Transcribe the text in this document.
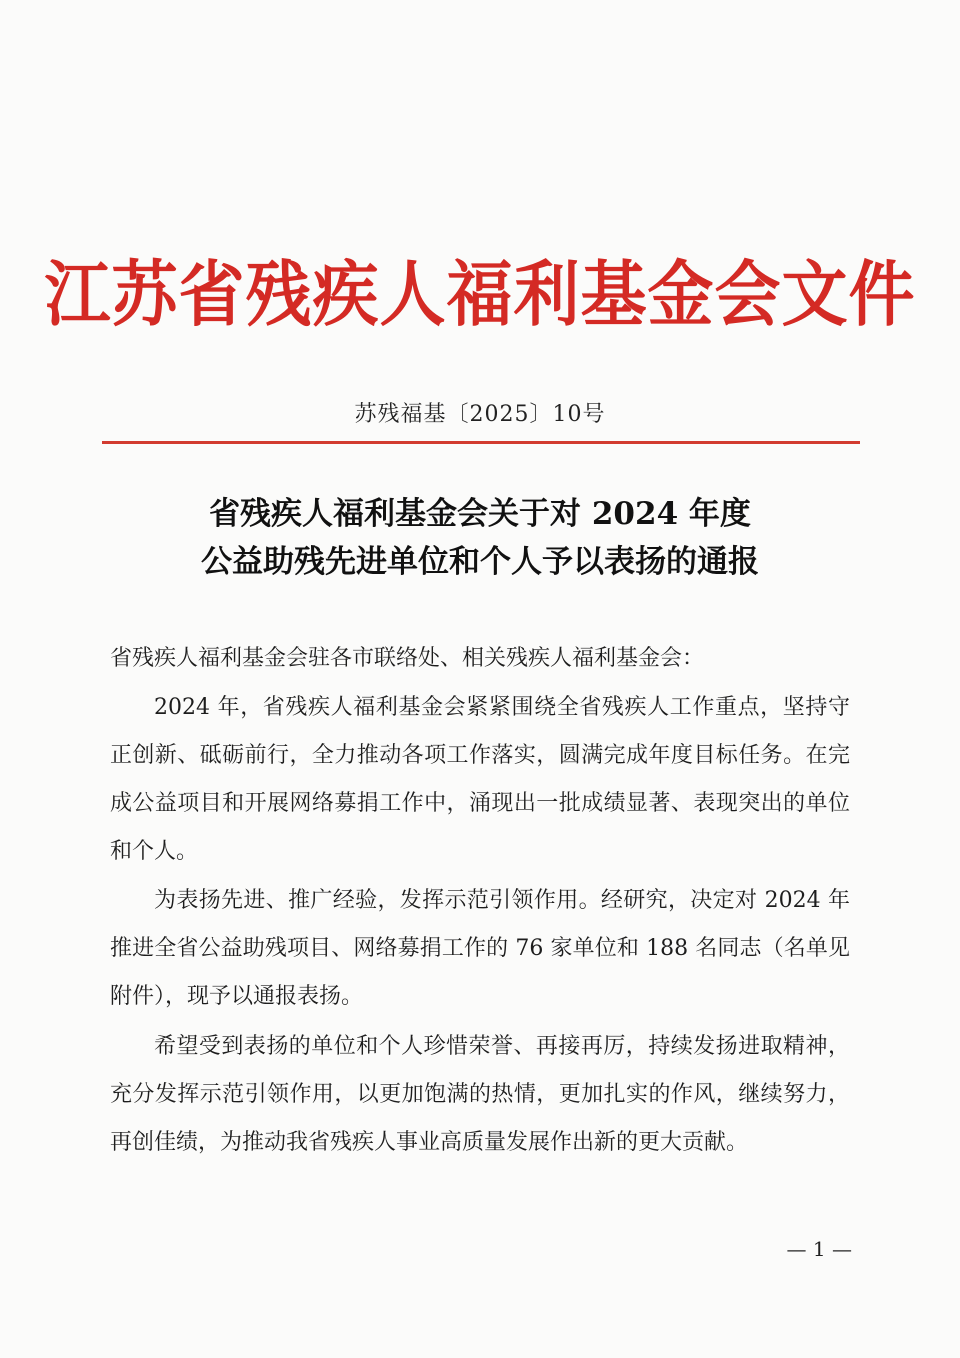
江苏省残疾人福利基金会文件
苏残福基〔2025〕10号
省残疾人福利基金会关于对 2024 年度
公益助残先进单位和个人予以表扬的通报
省残疾人福利基金会驻各市联络处、相关残疾人福利基金会：

2024 年，省残疾人福利基金会紧紧围绕全省残疾人工作重点，坚持守正创新、砥砺前行，全力推动各项工作落实，圆满完成年度目标任务。在完成公益项目和开展网络募捐工作中，涌现出一批成绩显著、表现突出的单位和个人。

为表扬先进、推广经验，发挥示范引领作用。经研究，决定对 2024 年推进全省公益助残项目、网络募捐工作的 76 家单位和 188 名同志（名单见附件），现予以通报表扬。

希望受到表扬的单位和个人珍惜荣誉、再接再厉，持续发扬进取精神，充分发挥示范引领作用，以更加饱满的热情，更加扎实的作风，继续努力，再创佳绩，为推动我省残疾人事业高质量发展作出新的更大贡献。

— 1 —
